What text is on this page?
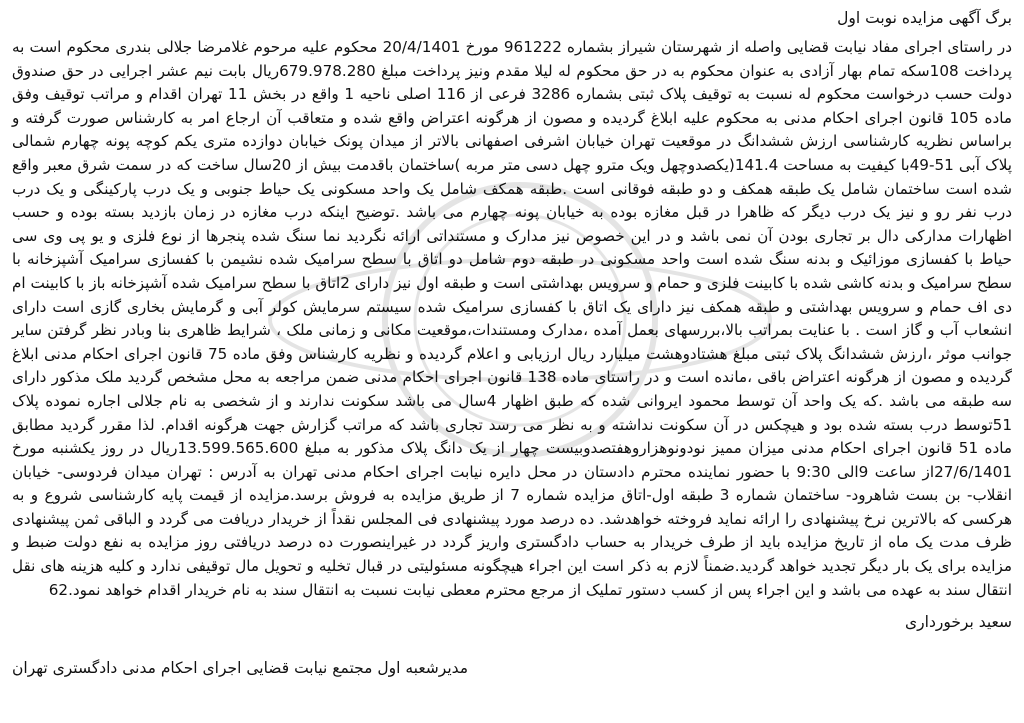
برگ آگهی مزایده نوبت اول

در راستای اجرای مفاد نیابت قضایی واصله از شهرستان شیراز بشماره 961222 مورخ 20/4/1401 محکوم علیه مرحوم غلامرضا جلالی بندری محکوم است به پرداخت 108سکه تمام بهار آزادی به عنوان محکوم به در حق محکوم له لیلا مقدم ونیز پرداخت مبلغ 679.978.280ریال بابت نیم عشر اجرایی در حق صندوق دولت حسب درخواست محکوم له نسبت به توقیف پلاک ثبتی بشماره 3286 فرعی از 116 اصلی ناحیه 1 واقع در بخش 11 تهران اقدام و مراتب توقیف وفق ماده 105 قانون اجرای احکام مدنی به محکوم علیه ابلاغ گردیده و مصون از هرگونه اعتراض واقع شده و متعاقب آن ارجاع امر به کارشناس صورت گرفته و براساس نظریه کارشناسی ارزش ششدانگ در موقعیت تهران خیابان اشرفی اصفهانی بالاتر از میدان پونک خیابان دوازده متری یکم کوچه پونه چهارم شمالی پلاک آبی 51-49با کیفیت به مساحت 141.4(یکصدوچهل ویک مترو چهل دسی متر مربه )ساختمان باقدمت بیش از 20سال ساخت که در سمت شرق معبر واقع شده است ساختمان شامل یک طبقه همکف و دو طبقه فوقانی است .طبقه همکف شامل یک واحد مسکونی یک حیاط جنوبی و یک درب پارکینگی و یک درب درب نفر رو و نیز یک درب دیگر که ظاهرا در قبل مغازه بوده به خیابان پونه چهارم می باشد .توضیح اینکه درب مغازه در زمان بازدید بسته بوده و حسب اظهارات مدارکی دال بر تجاری بودن آن نمی باشد و در این خصوص نیز مدارک و مستنداتی ارائه نگردید نما سنگ شده پنجرها از نوع فلزی و یو پی وی سی حیاط با کفسازی موزائیک و بدنه سنگ شده است واحد مسکونی در طبقه دوم شامل دو اتاق با سطح سرامیک شده نشیمن با کفسازی سرامیک آشپزخانه با سطح سرامیک و بدنه کاشی شده با کابینت فلزی و حمام و سرویس بهداشتی است و طبقه اول نیز دارای 2اتاق با سطح سرامیک شده آشپزخانه باز با کابینت ام دی اف حمام و سرویس بهداشتی و طبقه همکف نیز دارای یک اتاق با کفسازی سرامیک شده سیستم سرمایش کولر آبی و گرمایش بخاری گازی است دارای انشعاب آب و گاز است . با عنایت بمراتب بالا،بررسهای بعمل آمده ،مدارک ومستندات،موقعیت مکانی و زمانی ملک ، شرایط ظاهری بنا وبادر نظر گرفتن سایر جوانب موثر ،ارزش ششدانگ پلاک ثبتی مبلغ هشتادوهشت میلیارد ریال ارزیابی و اعلام گردیده و نظریه کارشناس وفق ماده 75 قانون اجرای احکام مدنی ابلاغ گردیده و مصون از هرگونه اعتراض باقی ،مانده است و در راستای ماده 138 قانون اجرای احکام مدنی ضمن مراجعه به محل مشخص گردید ملک مذکور دارای سه طبقه می باشد .که یک واحد آن توسط محمود ایروانی شده که طبق اظهار 4سال می باشد سکونت ندارند و از شخصی به نام جلالی اجاره نموده پلاک 51توسط درب بسته شده بود و هیچکس در آن سکونت نداشته و به نظر می رسد تجاری باشد که مراتب گزارش جهت هرگونه اقدام. لذا مقرر گردید مطابق ماده 51 قانون اجرای احکام مدنی میزان ممیز نودونوهزاروهفتصدوبیست چهار از یک دانگ پلاک مذکور به مبلغ 13.599.565.600ریال در روز یکشنبه مورخ 27/6/1401از ساعت 9الی 9:30 با حضور نماینده محترم دادستان در محل دایره نیابت اجرای احکام مدنی تهران به آدرس : تهران میدان فردوسی- خیابان انقلاب- بن بست شاهرود- ساختمان شماره 3 طبقه اول-اتاق مزایده شماره 7 از طریق مزایده به فروش برسد.مزایده از قیمت پایه کارشناسی شروع و به هرکسی که بالاترین نرخ پیشنهادی را ارائه نماید فروخته خواهدشد. ده درصد مورد پیشنهادی فی المجلس نقداً از خریدار دریافت می گردد و الباقی ثمن پیشنهادی ظرف مدت یک ماه از تاریخ مزایده باید از طرف خریدار به حساب دادگستری واریز گردد در غیراینصورت ده درصد دریافتی روز مزایده به نفع دولت ضبط و مزایده برای یک بار دیگر تجدید خواهد گردید.ضمناً لازم به ذکر است این اجراء هیچگونه مسئولیتی در قبال تخلیه و تحویل مال توقیفی ندارد و کلیه هزینه های نقل انتقال سند به عهده می باشد و این اجراء پس از کسب دستور تملیک از مرجع محترم معطی نیابت نسبت به انتقال سند به نام خریدار اقدام خواهد نمود.62

سعید برخورداری
مدیرشعبه اول مجتمع نیابت قضایی اجرای احکام مدنی دادگستری تهران
